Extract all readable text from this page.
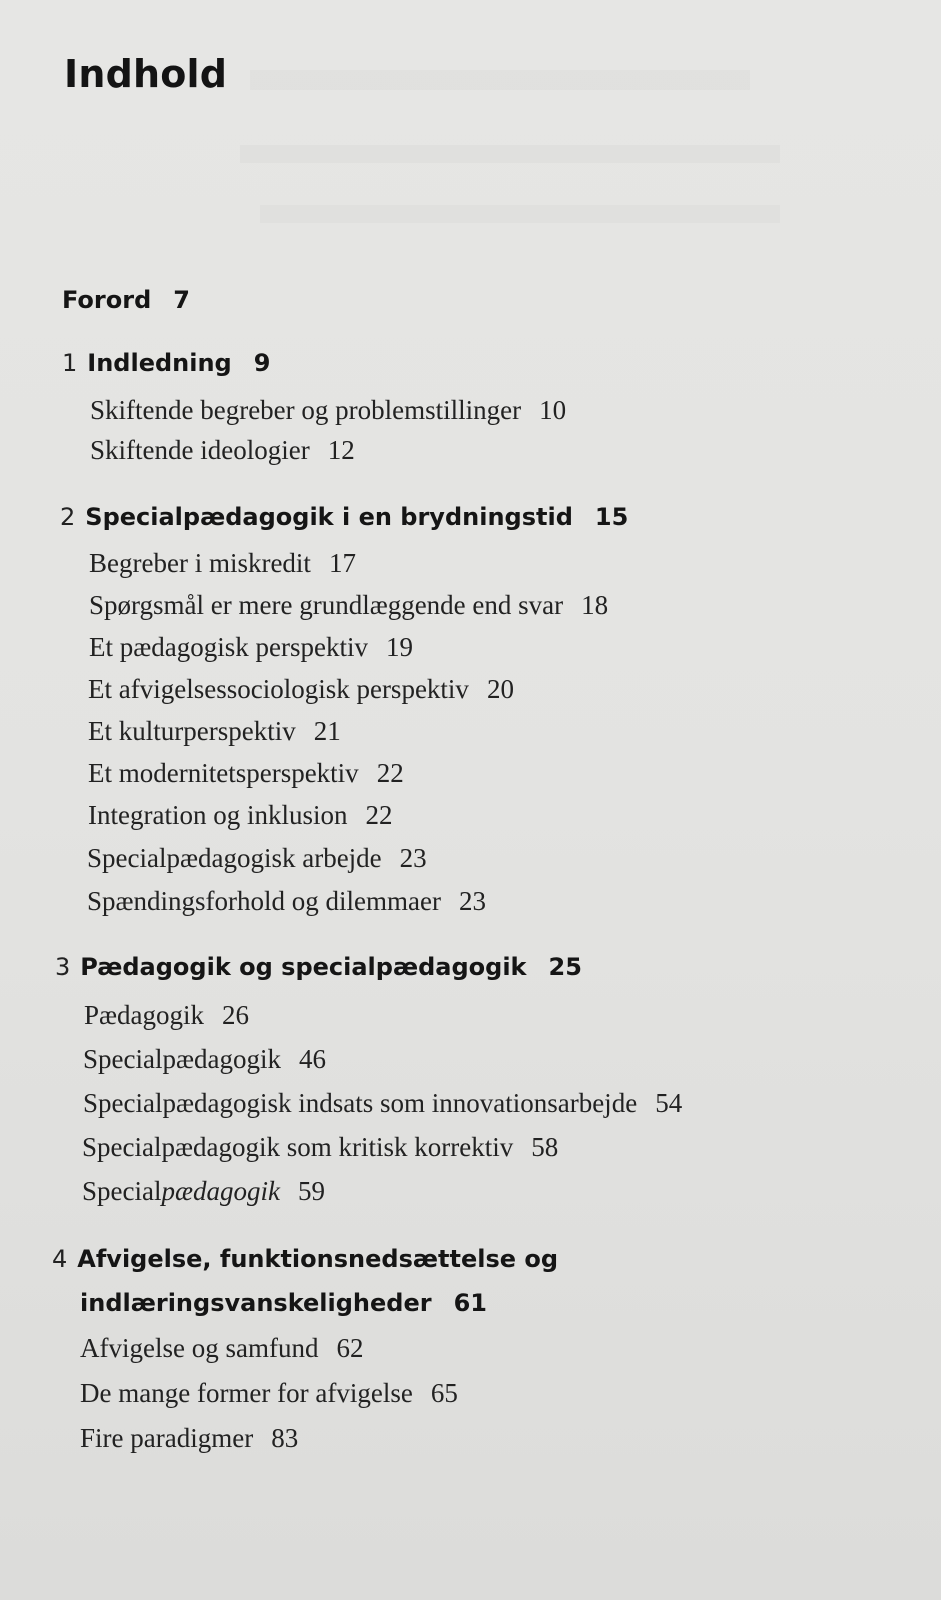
Indhold
Forord 7
1 Indledning 9
Skiftende begreber og problemstillinger 10
Skiftende ideologier 12
2 Specialpædagogik i en brydningstid 15
Begreber i miskredit 17
Spørgsmål er mere grundlæggende end svar 18
Et pædagogisk perspektiv 19
Et afvigelsessociologisk perspektiv 20
Et kulturperspektiv 21
Et modernitetsperspektiv 22
Integration og inklusion 22
Specialpædagogisk arbejde 23
Spændingsforhold og dilemmaer 23
3 Pædagogik og specialpædagogik 25
Pædagogik 26
Specialpædagogik 46
Specialpædagogisk indsats som innovationsarbejde 54
Specialpædagogik som kritisk korrektiv 58
Specialpædagogik 59
4 Afvigelse, funktionsnedsættelse og
indlæringsvanskeligheder 61
Afvigelse og samfund 62
De mange former for afvigelse 65
Fire paradigmer 83
